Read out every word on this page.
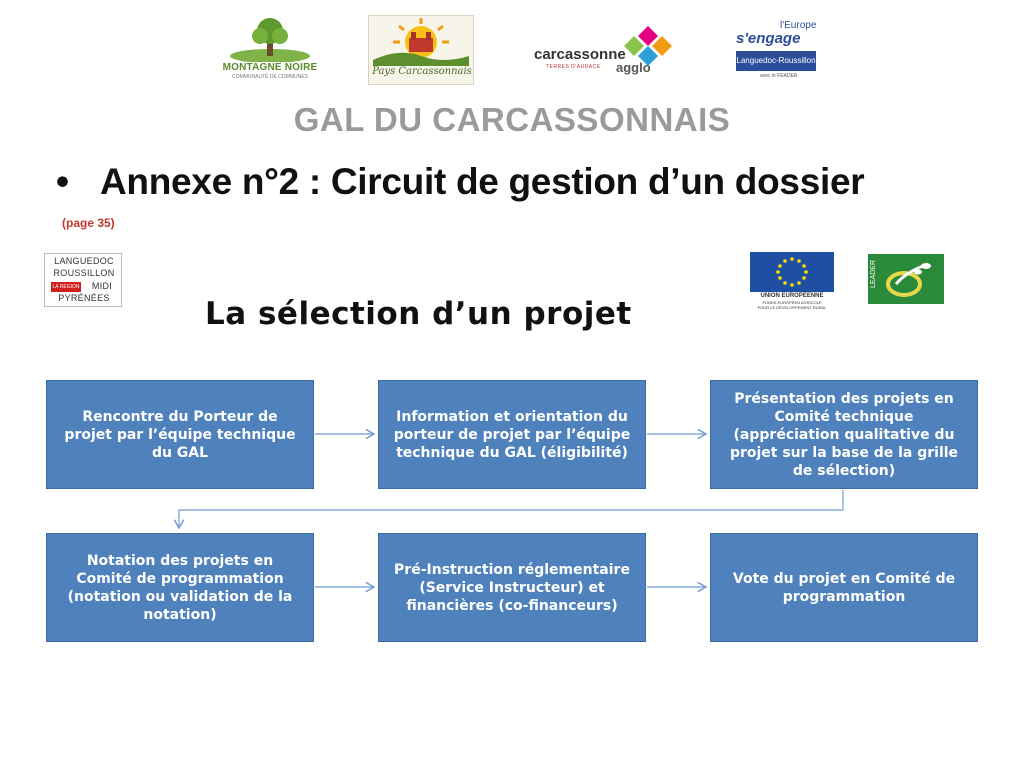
MONTAGNE NOIRE
COMMUNAUTÉ DE COMMUNES	Pays Carcassonnais
carcassonne
agglo
TERRES D'AUDACE
l'Europe
s'engage
Languedoc-Roussillon
avec le FEADER
GAL DU CARCASSONNAIS
• Annexe n°2 : Circuit de gestion d’un dossier
(page 35)
LANGUEDOC
ROUSSILLON
LA RÉGION	MIDI
PYRÉNÉES	La sélection d’un projet	UNION EUROPÉENNE
FONDS EUROPÉEN AGRICOLE
POUR LE DÉVELOPPEMENT RURAL
LEADER
Rencontre du Porteur de projet par l’équipe technique du GAL
Information et orientation du porteur de projet par l’équipe technique du GAL (éligibilité)
Présentation des projets en Comité technique (appréciation qualitative du projet sur la base de la grille de sélection)
Notation des projets en Comité de programmation (notation ou validation de la notation)
Pré-Instruction réglementaire (Service Instructeur) et financières (co-financeurs)
Vote du projet en Comité de programmation
